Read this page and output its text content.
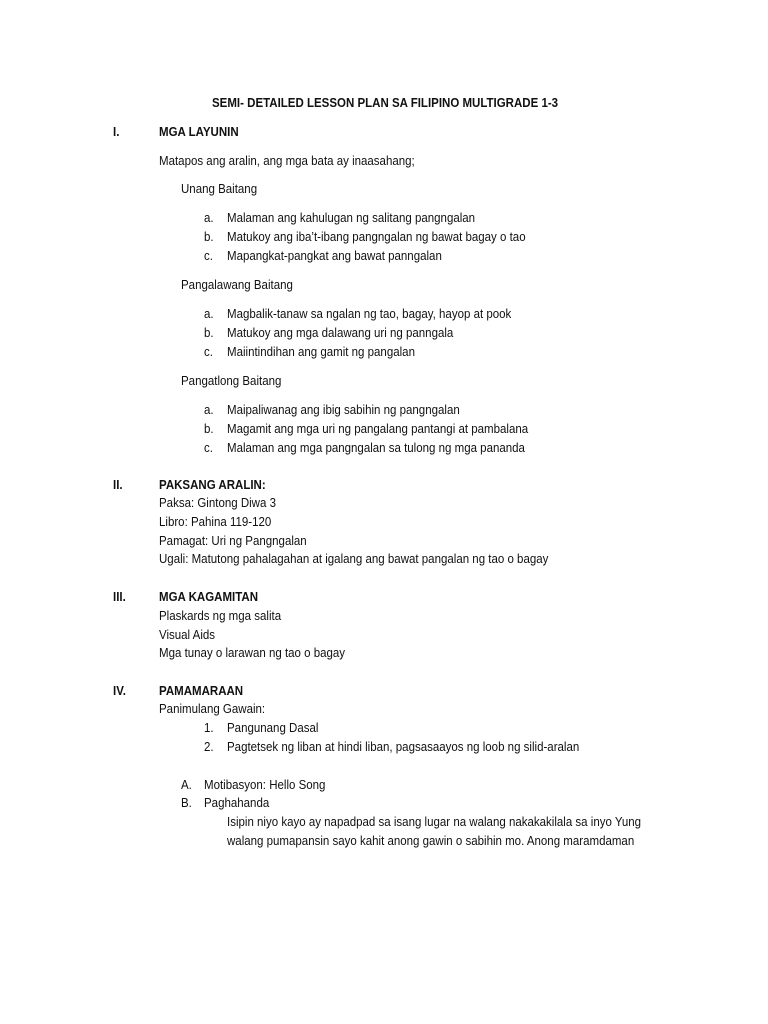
SEMI- DETAILED LESSON PLAN SA FILIPINO MULTIGRADE 1-3
I.	MGA LAYUNIN
Matapos ang aralin, ang mga bata ay inaasahang;
Unang Baitang
a. Malaman ang kahulugan ng salitang pangngalan
b. Matukoy ang iba’t-ibang pangngalan ng bawat bagay o tao
c. Mapangkat-pangkat ang bawat panngalan
Pangalawang Baitang
a. Magbalik-tanaw sa ngalan ng tao, bagay, hayop at pook
b. Matukoy ang mga dalawang uri ng panngala
c. Maiintindihan ang gamit ng pangalan
Pangatlong Baitang
a. Maipaliwanag ang ibig sabihin ng pangngalan
b. Magamit ang mga uri ng pangalang pantangi at pambalana
c. Malaman ang mga pangngalan sa tulong ng mga pananda
II.	PAKSANG ARALIN:
Paksa: Gintong Diwa 3
Libro: Pahina 119-120
Pamagat: Uri ng Pangngalan
Ugali: Matutong pahalagahan at igalang ang bawat pangalan ng tao o bagay
III.	MGA KAGAMITAN
Plaskards ng mga salita
Visual Aids
Mga tunay o larawan ng tao o bagay
IV.	PAMAMARAAN
Panimulang Gawain:
1. Pangunang Dasal
2. Pagtetsek ng liban at hindi liban, pagsasaayos ng loob ng silid-aralan
A. Motibasyon: Hello Song
B. Paghahanda
Isipin niyo kayo ay napadpad sa isang lugar na walang nakakakilala sa inyo Yung
walang pumapansin sayo kahit anong gawin o sabihin mo. Anong maramdaman
